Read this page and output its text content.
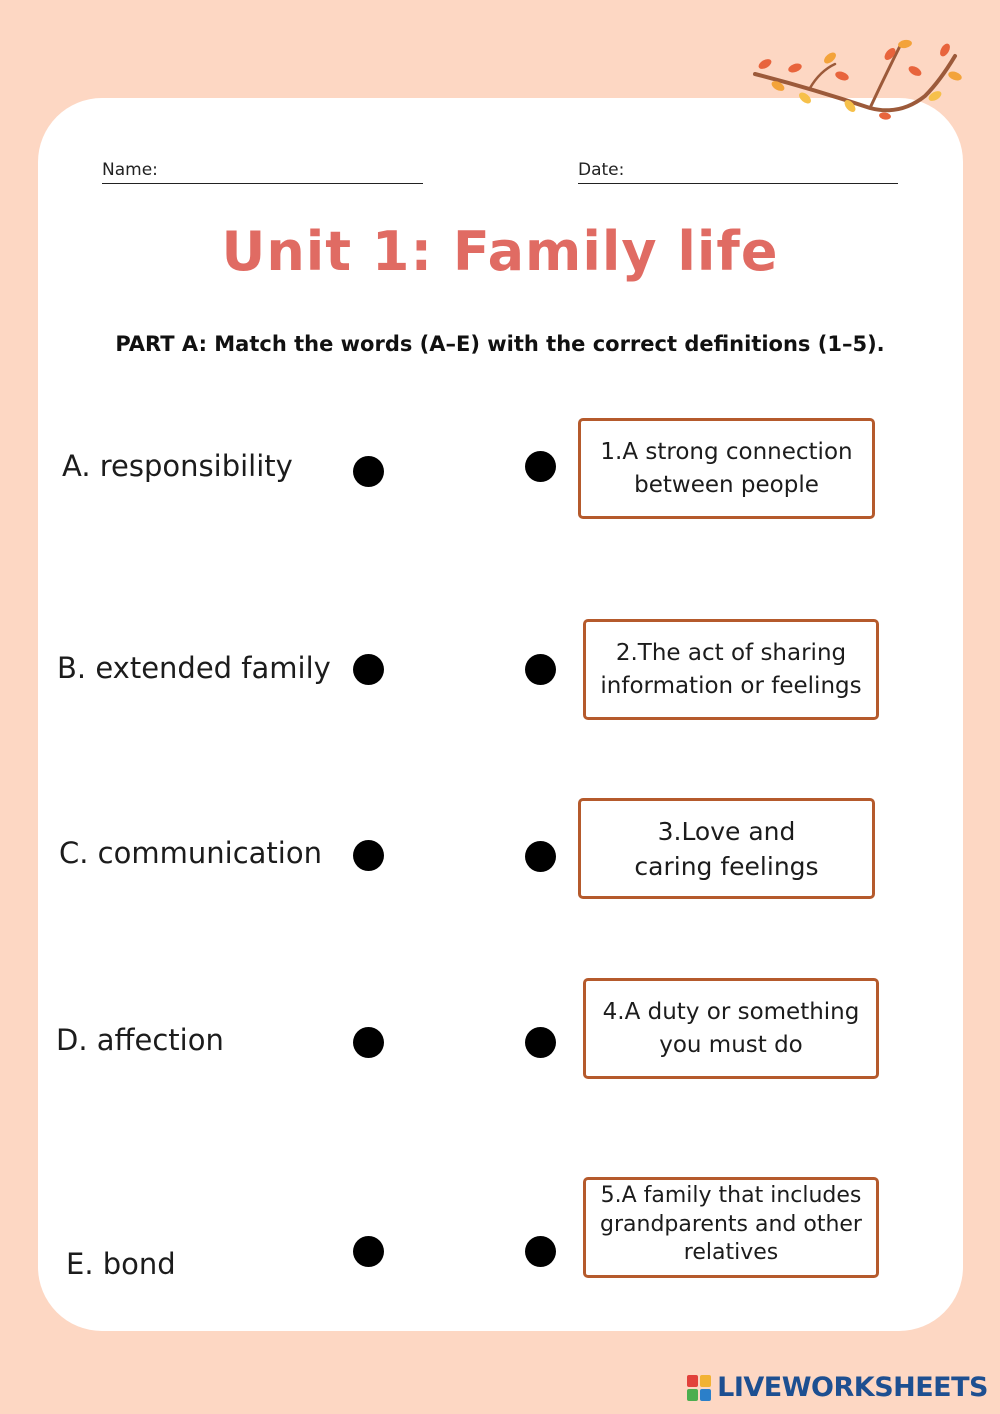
Name:	Date:
Unit 1: Family life
PART A: Match the words (A–E) with the correct definitions (1–5).
A. responsibility
B. extended family
C. communication
D. affection
E. bond
1.A strong connection between people
2.The act of sharing information or feelings
3.Love and caring feelings
4.A duty or something you must do
5.A family that includes grandparents and other relatives
LIVEWORKSHEETS
